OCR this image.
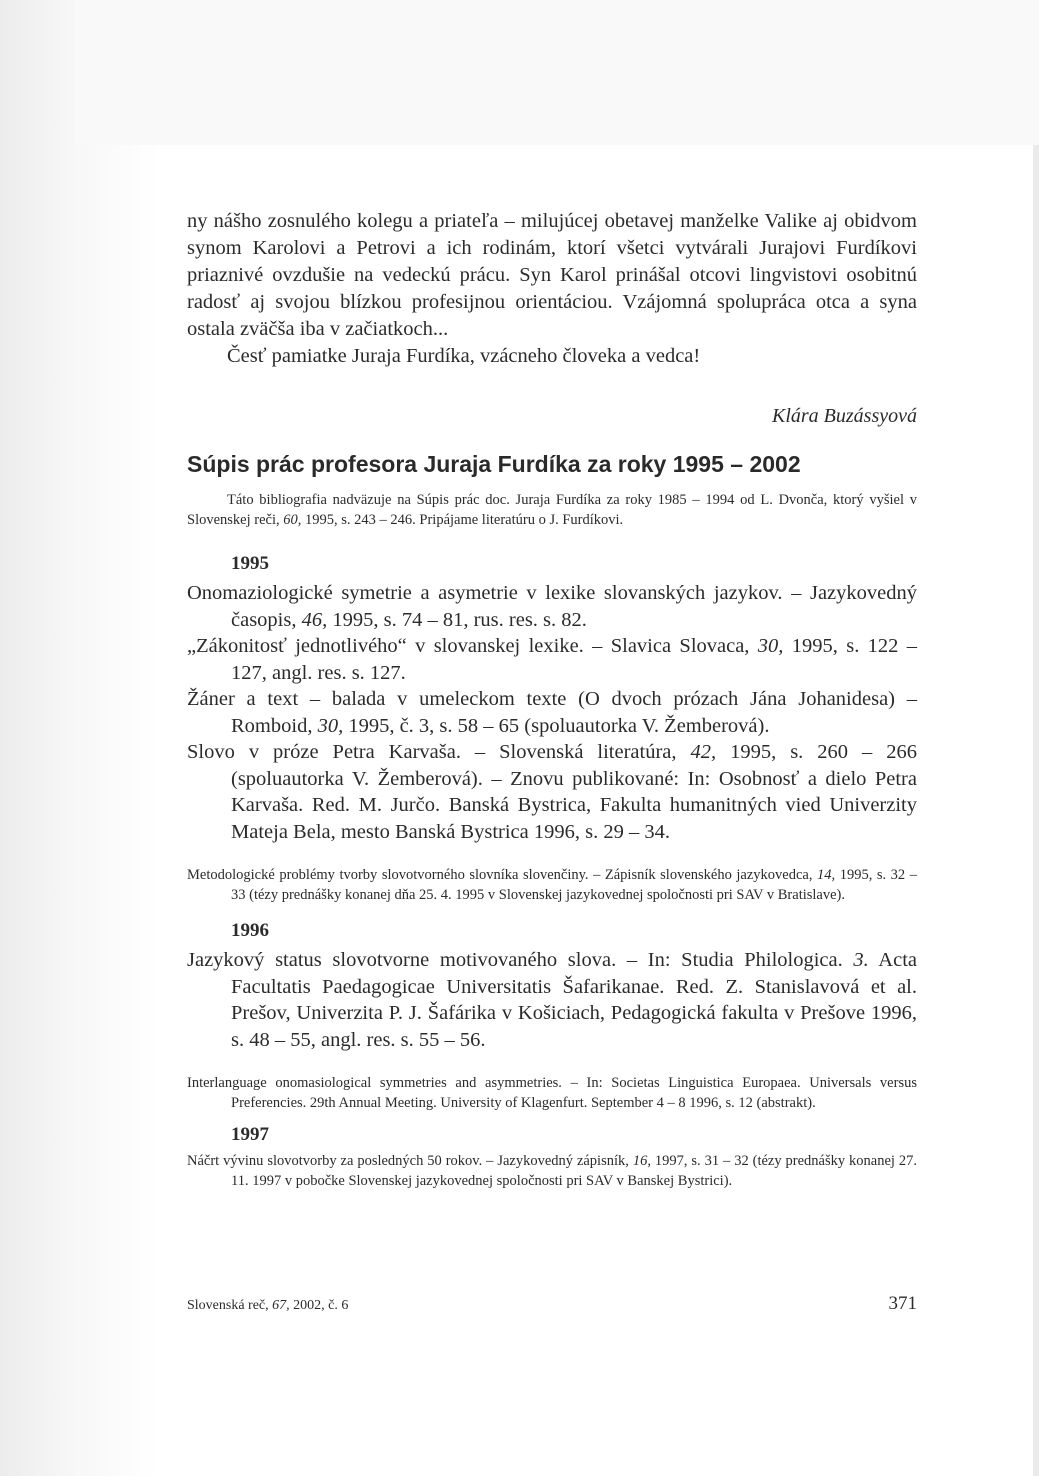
ny nášho zosnulého kolegu a priateľa – milujúcej obetavej manželke Valike aj obidvom synom Karolovi a Petrovi a ich rodinám, ktorí všetci vytvárali Jurajovi Furdíkovi priaznivé ovzdušie na vedeckú prácu. Syn Karol prinášal otcovi lingvistovi osobitnú radosť aj svojou blízkou profesijnou orientáciou. Vzájomná spolupráca otca a syna ostala zväčša iba v začiatkoch...

Česť pamiatke Juraja Furdíka, vzácneho človeka a vedca!

Klára Buzássyová

Súpis prác profesora Juraja Furdíka za roky 1995 – 2002

Táto bibliografia nadväzuje na Súpis prác doc. Juraja Furdíka za roky 1985 – 1994 od L. Dvonča, ktorý vyšiel v Slovenskej reči, 60, 1995, s. 243 – 246. Pripájame literatúru o J. Furdíkovi.

1995

Onomaziologické symetrie a asymetrie v lexike slovanských jazykov. – Jazykovedný časopis, 46, 1995, s. 74 – 81, rus. res. s. 82.

„Zákonitosť jednotlivého“ v slovanskej lexike. – Slavica Slovaca, 30, 1995, s. 122 – 127, angl. res. s. 127.

Žáner a text – balada v umeleckom texte (O dvoch prózach Jána Johanidesa) – Romboid, 30, 1995, č. 3, s. 58 – 65 (spoluautorka V. Žemberová).

Slovo v próze Petra Karvaša. – Slovenská literatúra, 42, 1995, s. 260 – 266 (spoluautorka V. Žemberová). – Znovu publikované: In: Osobnosť a dielo Petra Karvaša. Red. M. Jurčo. Banská Bystrica, Fakulta humanitných vied Univerzity Mateja Bela, mesto Banská Bystrica 1996, s. 29 – 34.

Metodologické problémy tvorby slovotvorného slovníka slovenčiny. – Zápisník slovenského jazykovedca, 14, 1995, s. 32 – 33 (tézy prednášky konanej dňa 25. 4. 1995 v Slovenskej jazykovednej spoločnosti pri SAV v Bratislave).

1996

Jazykový status slovotvorne motivovaného slova. – In: Studia Philologica. 3. Acta Facultatis Paedagogicae Universitatis Šafarikanae. Red. Z. Stanislavová et al. Prešov, Univerzita P. J. Šafárika v Košiciach, Pedagogická fakulta v Prešove 1996, s. 48 – 55, angl. res. s. 55 – 56.

Interlanguage onomasiological symmetries and asymmetries. – In: Societas Linguistica Europaea. Universals versus Preferencies. 29th Annual Meeting. University of Klagenfurt. September 4 – 8 1996, s. 12 (abstrakt).

1997

Náčrt vývinu slovotvorby za posledných 50 rokov. – Jazykovedný zápisník, 16, 1997, s. 31 – 32 (tézy prednášky konanej 27. 11. 1997 v pobočke Slovenskej jazykovednej spoločnosti pri SAV v Banskej Bystrici).

Slovenská reč, 67, 2002, č. 6	371
